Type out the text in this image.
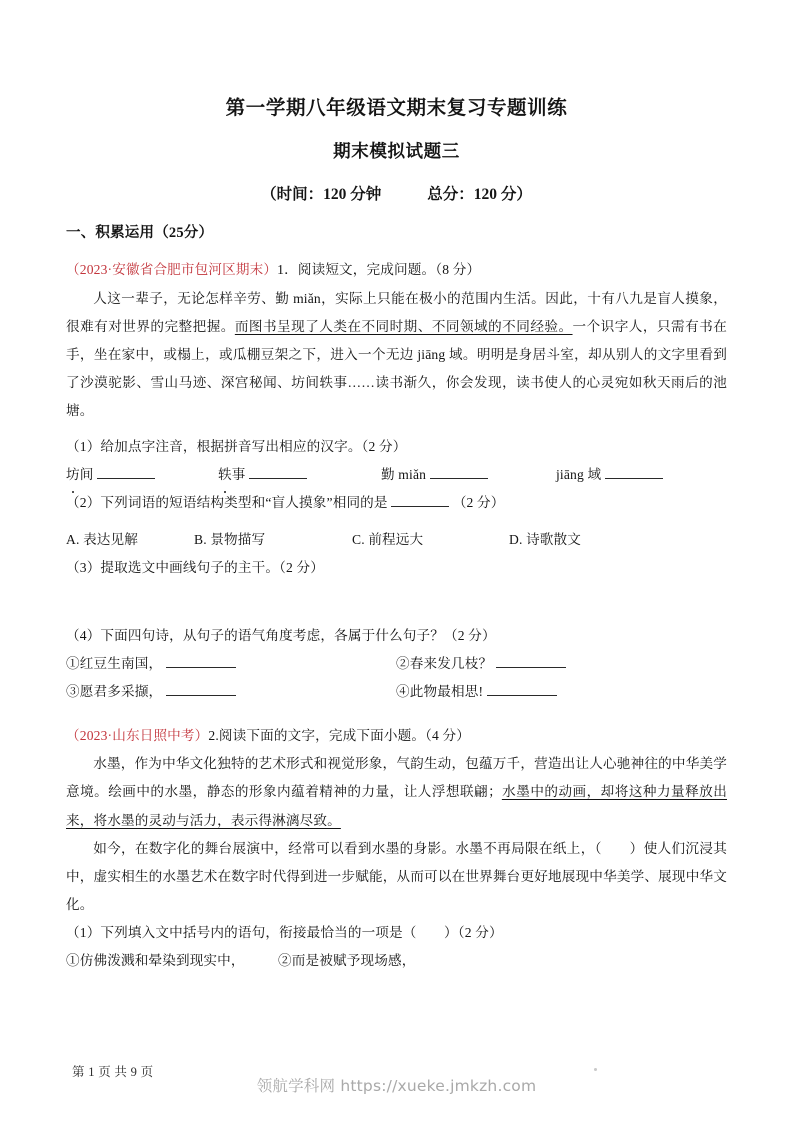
第一学期八年级语文期末复习专题训练
期末模拟试题三
（时间：120 分钟	总分：120 分）
一、积累运用（25分）

（2023·安徽省合肥市包河区期末）1．阅读短文，完成问题。（8 分）

人这一辈子，无论怎样辛劳、勤 miǎn，实际上只能在极小的范围内生活。因此，十有八九是盲人摸象，很难有对世界的完整把握。而图书呈现了人类在不同时期、不同领域的不同经验。一个识字人，只需有书在手，坐在家中，或榻上，或瓜棚豆架之下，进入一个无边 jiāng 域。明明是身居斗室，却从别人的文字里看到了沙漠驼影、雪山马迹、深宫秘闻、坊间轶事……读书渐久，你会发现，读书使人的心灵宛如秋天雨后的池塘。

（1）给加点字注音，根据拼音写出相应的汉字。（2 分）

坊间	轶事	勤 miǎn	jiāng 域

（2）下列词语的短语结构类型和“盲人摸象”相同的是	（2 分）

A. 表达见解	B. 景物描写	C. 前程远大	D. 诗歌散文

（3）提取选文中画线句子的主干。（2 分）

（4）下面四句诗，从句子的语气角度考虑，各属于什么句子？（2 分）

①红豆生南国，	②春来发几枝？
③愿君多采撷，	④此物最相思!

（2023·山东日照中考）2.阅读下面的文字，完成下面小题。（4 分）

水墨，作为中华文化独特的艺术形式和视觉形象，气韵生动，包蕴万千，营造出让人心驰神往的中华美学意境。绘画中的水墨，静态的形象内蕴着精神的力量，让人浮想联翩；水墨中的动画，却将这种力量释放出来，将水墨的灵动与活力，表示得淋漓尽致。

如今，在数字化的舞台展演中，经常可以看到水墨的身影。水墨不再局限在纸上，（　　）使人们沉浸其中，虚实相生的水墨艺术在数字时代得到进一步赋能，从而可以在世界舞台更好地展现中华美学、展现中华文化。

（1）下列填入文中括号内的语句，衔接最恰当的一项是（　　）（2 分）

①仿佛泼溅和晕染到现实中，	②而是被赋予现场感，
第 1 页 共 9 页
领航学科网 https://xueke.jmkzh.com
